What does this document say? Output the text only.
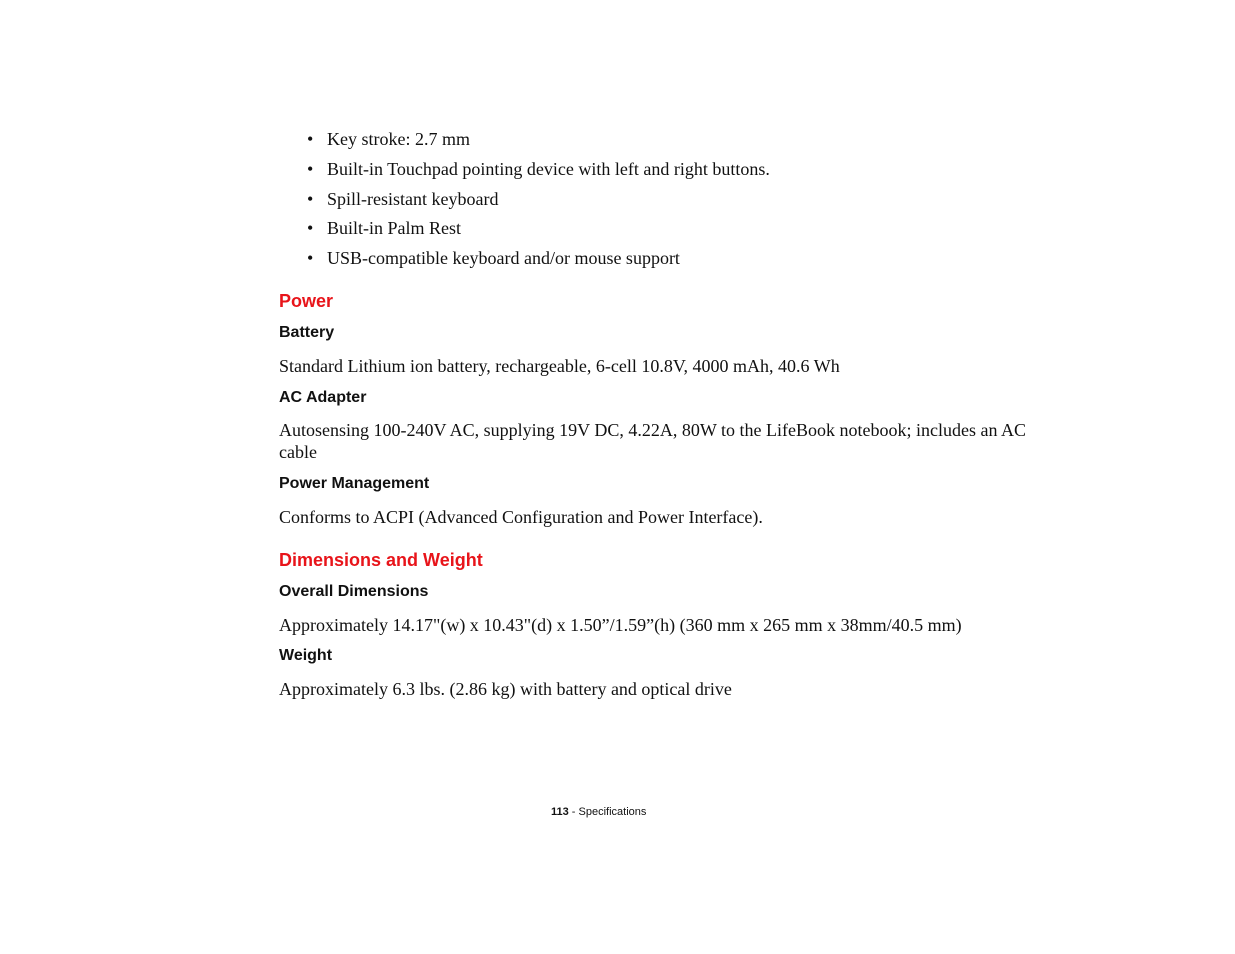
• Key stroke: 2.7 mm
• Built-in Touchpad pointing device with left and right buttons.
• Spill-resistant keyboard
• Built-in Palm Rest
• USB-compatible keyboard and/or mouse support
Power
Battery

Standard Lithium ion battery, rechargeable, 6-cell 10.8V, 4000 mAh, 40.6 Wh

AC Adapter

Autosensing 100-240V AC, supplying 19V DC, 4.22A, 80W to the LifeBook notebook; includes an AC cable

Power Management

Conforms to ACPI (Advanced Configuration and Power Interface).

Dimensions and Weight
Overall Dimensions

Approximately 14.17"(w) x 10.43"(d) x 1.50”/1.59”(h) (360 mm x 265 mm x 38mm/40.5 mm)

Weight

Approximately 6.3 lbs. (2.86 kg) with battery and optical drive

113 - Specifications
